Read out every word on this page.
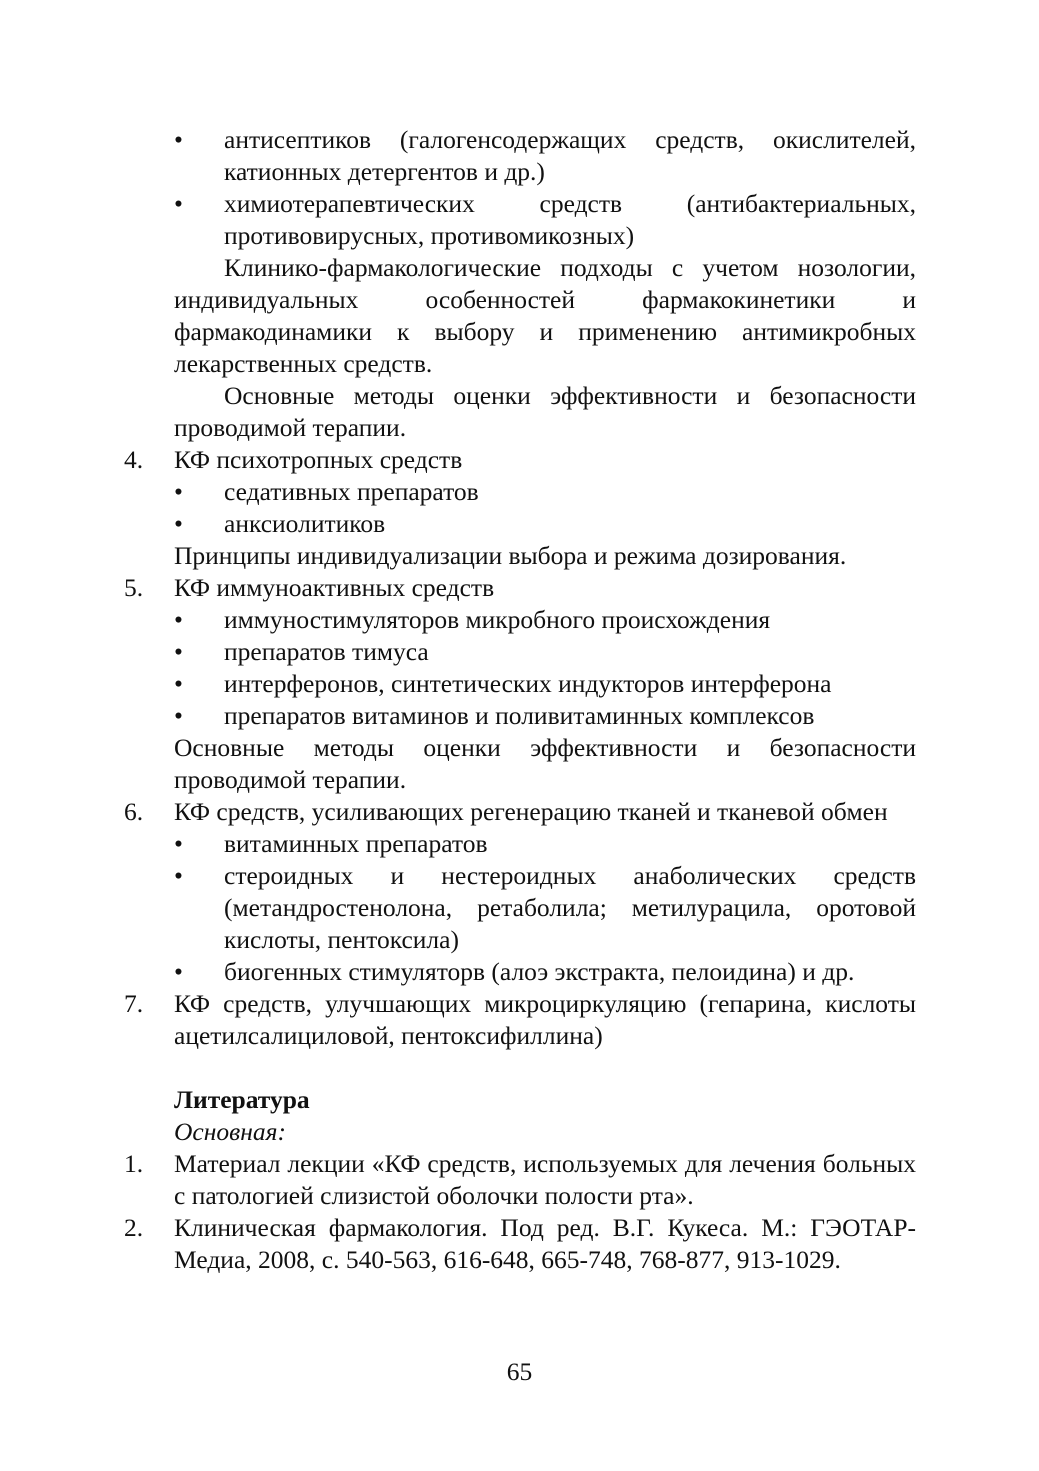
•	антисептиков (галогенсодержащих средств, окислителей, катионных детергентов и др.)
•	химиотерапевтических средств (антибактериальных, противовирусных, противомикозных)
Клинико-фармакологические подходы с учетом нозологии, индивидуальных особенностей фармакокинетики и фармакодинамики к выбору и применению антимикробных лекарственных средств.
Основные методы оценки эффективности и безопасности проводимой терапии.
4.	КФ психотропных средств
•	седативных препаратов
•	анксиолитиков
Принципы индивидуализации выбора и режима дозирования.
5.	КФ иммуноактивных средств
•	иммуностимуляторов микробного происхождения
•	препаратов тимуса
•	интерферонов, синтетических индукторов интерферона
•	препаратов витаминов и поливитаминных комплексов
Основные методы оценки эффективности и безопасности проводимой терапии.
6.	КФ средств, усиливающих регенерацию тканей и тканевой обмен
•	витаминных препаратов
•	стероидных и нестероидных анаболических средств (метандростенолона, ретаболила; метилурацила, оротовой кислоты, пентоксила)
•	биогенных стимуляторв (алоэ экстракта, пелоидина) и др.
7.	КФ средств, улучшающих микроциркуляцию (гепарина, кислоты ацетилсалициловой, пентоксифиллина)
Литература
Основная:
1.	Материал лекции «КФ средств, используемых для лечения больных с патологией слизистой оболочки полости рта».
2.	Клиническая фармакология. Под ред. В.Г. Кукеса. М.: ГЭОТАР-Медиа, 2008, с. 540-563, 616-648, 665-748, 768-877, 913-1029.
65
